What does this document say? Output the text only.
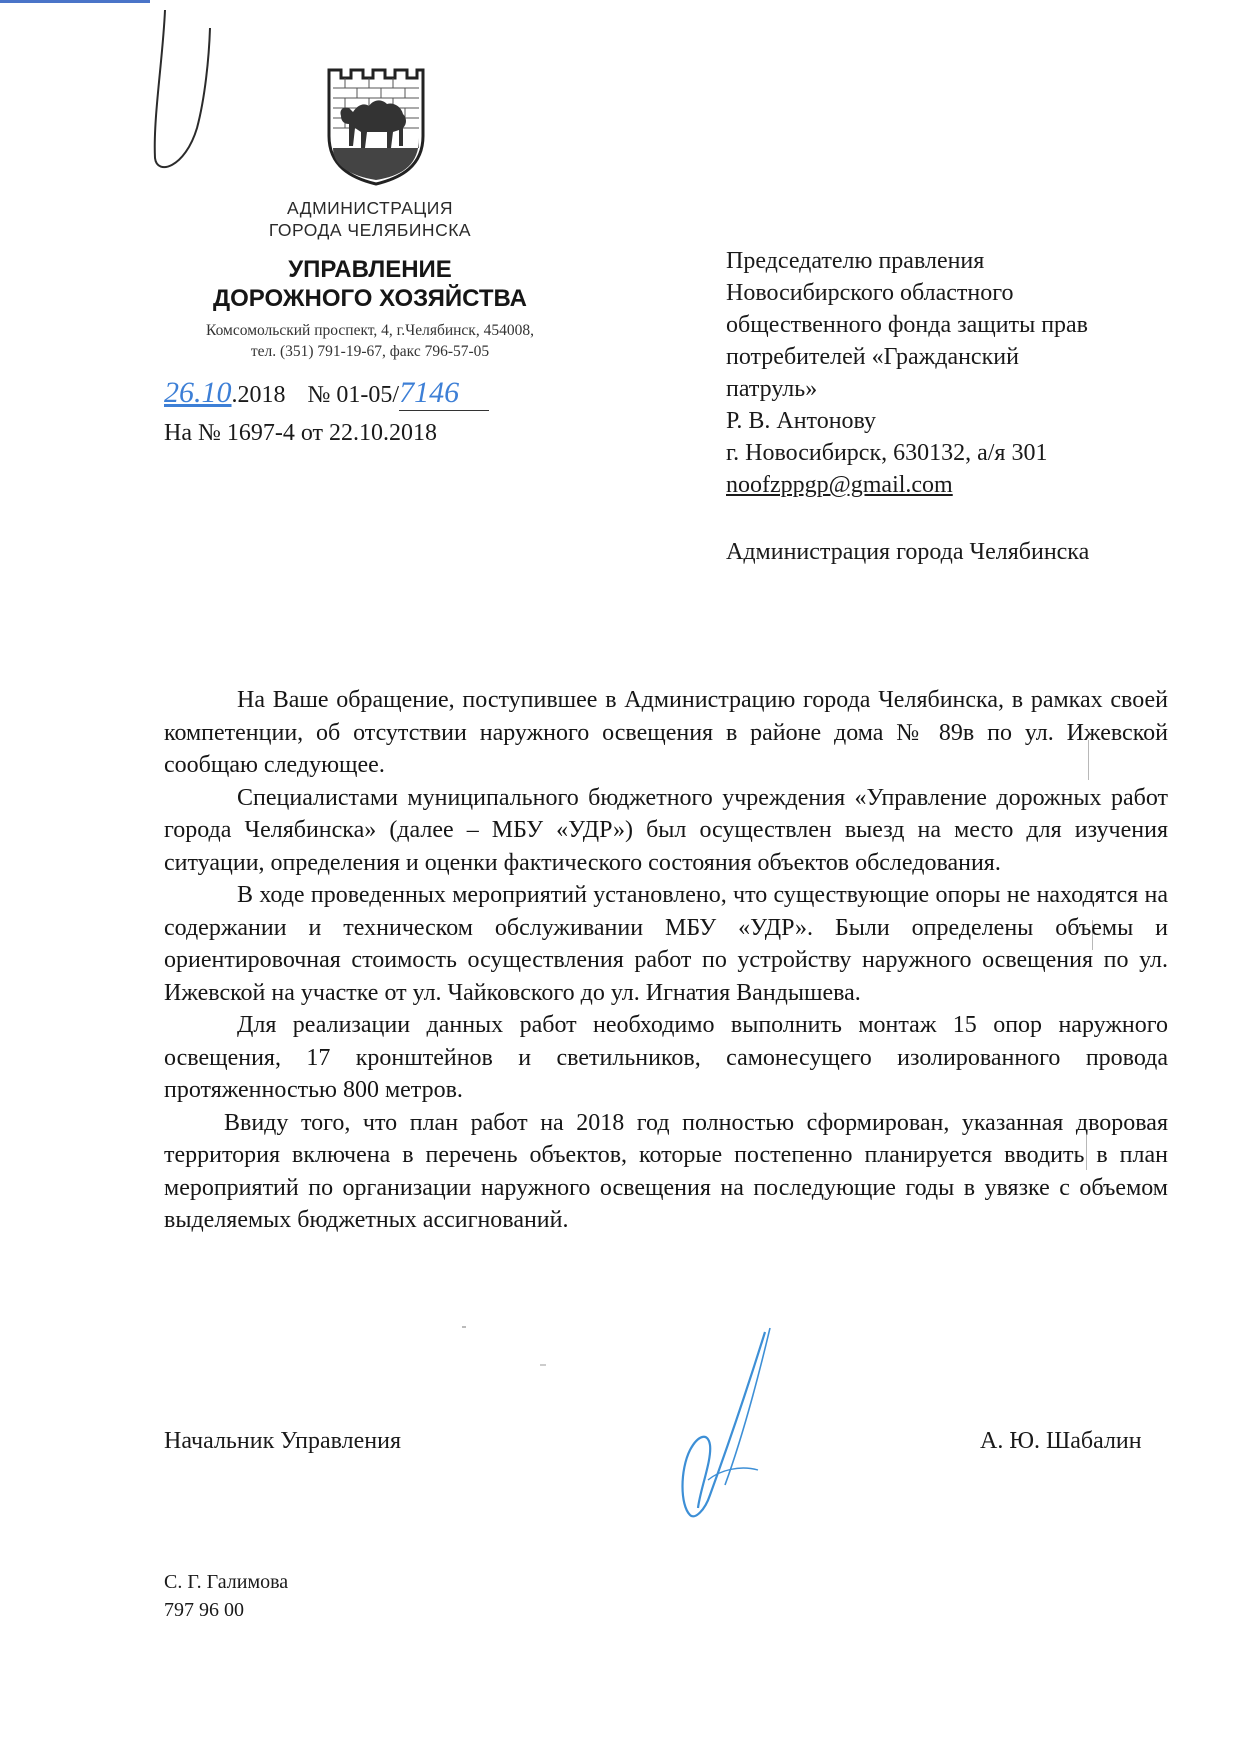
АДМИНИСТРАЦИЯ
ГОРОДА ЧЕЛЯБИНСКА
УПРАВЛЕНИЕ
ДОРОЖНОГО ХОЗЯЙСТВА
Комсомольский проспект, 4, г.Челябинск, 454008,
тел. (351) 791-19-67, факс 796-57-05
26.10.2018 № 01-05/7146
На № 1697-4 от 22.10.2018
Председателю правления
Новосибирского областного
общественного фонда защиты прав
потребителей «Гражданский
патруль»
Р. В. Антонову
г. Новосибирск, 630132, а/я 301
noofzppgp@gmail.com
Администрация города Челябинска

На Ваше обращение, поступившее в Администрацию города Челябинска, в рамках своей компетенции, об отсутствии наружного освещения в районе дома № 89в по ул. Ижевской сообщаю следующее.

Специалистами муниципального бюджетного учреждения «Управление дорожных работ города Челябинска» (далее – МБУ «УДР») был осуществлен выезд на место для изучения ситуации, определения и оценки фактического состояния объектов обследования.

В ходе проведенных мероприятий установлено, что существующие опоры не находятся на содержании и техническом обслуживании МБУ «УДР». Были определены объемы и ориентировочная стоимость осуществления работ по устройству наружного освещения по ул. Ижевской на участке от ул. Чайковского до ул. Игнатия Вандышева.

Для реализации данных работ необходимо выполнить монтаж 15 опор наружного освещения, 17 кронштейнов и светильников, самонесущего изолированного провода протяженностью 800 метров.

Ввиду того, что план работ на 2018 год полностью сформирован, указанная дворовая территория включена в перечень объектов, которые постепенно планируется вводить в план мероприятий по организации наружного освещения на последующие годы в увязке с объемом выделяемых бюджетных ассигнований.

Начальник Управления	А. Ю. Шабалин
С. Г. Галимова
797 96 00
